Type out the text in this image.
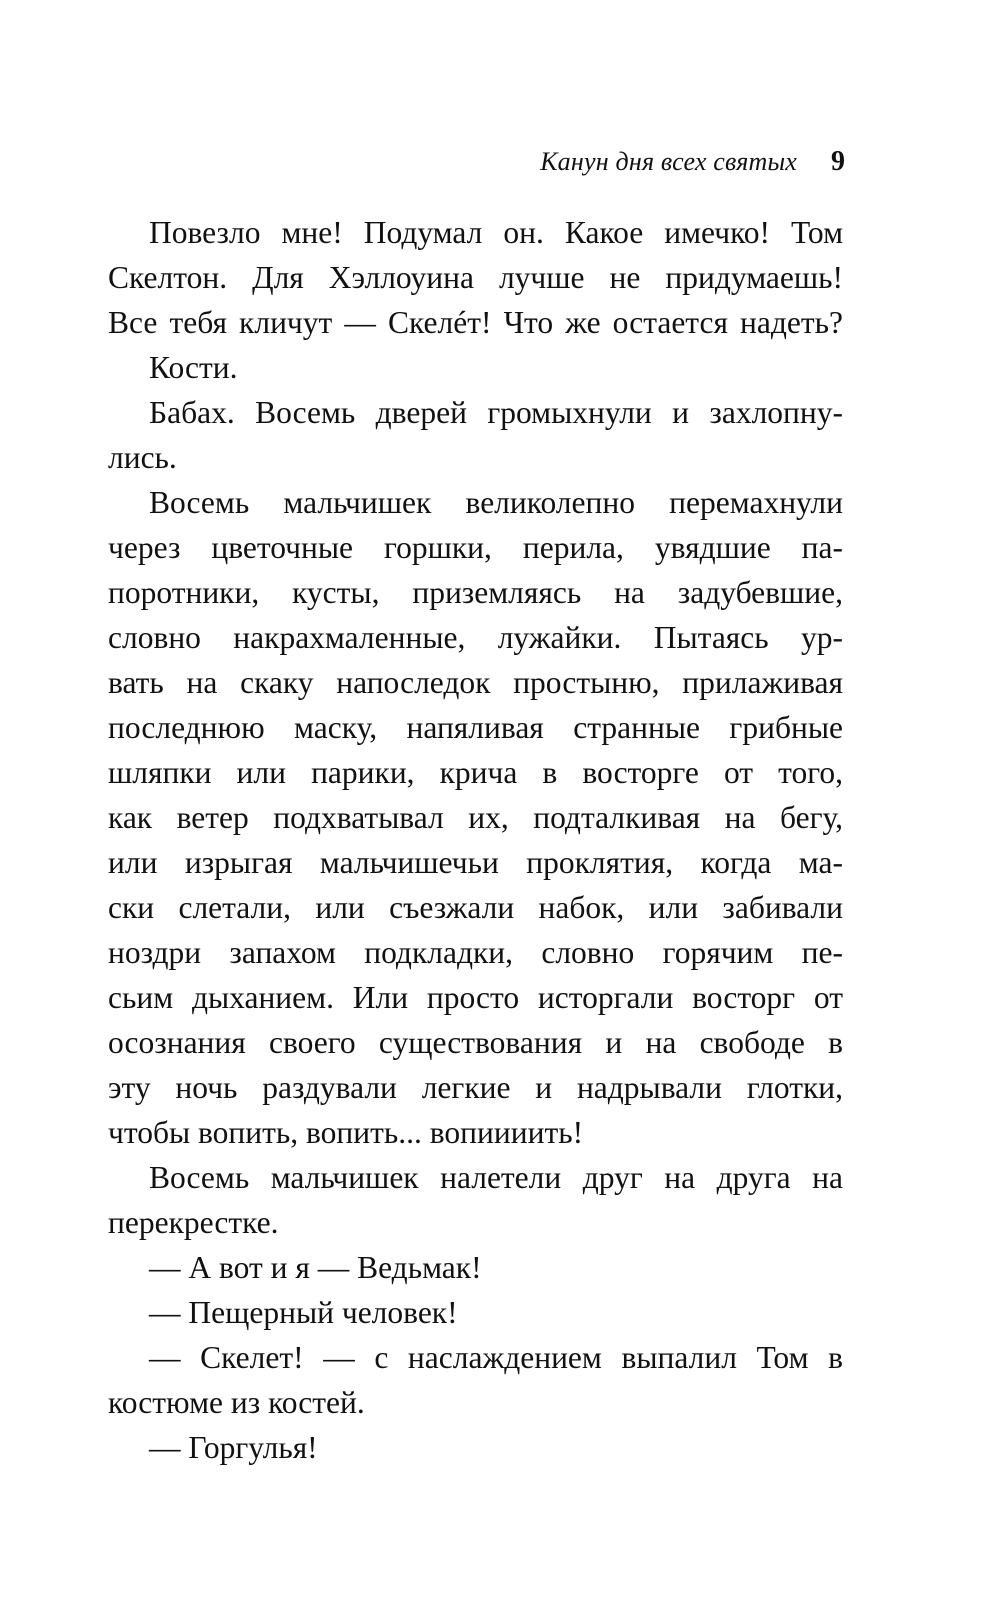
Канун дня всех святых 9
Повезло мне! Подумал он. Какое имечко! Том
Скелтон. Для Хэллоуина лучше не придумаешь!
Все тебя кличут — Скелéт! Что же остается надеть?
Кости.
Бабах. Восемь дверей громыхнули и захлопну-
лись.
Восемь мальчишек великолепно перемахнули
через цветочные горшки, перила, увядшие па-
поротники, кусты, приземляясь на задубевшие,
словно накрахмаленные, лужайки. Пытаясь ур-
вать на скаку напоследок простыню, прилаживая
последнюю маску, напяливая странные грибные
шляпки или парики, крича в восторге от того,
как ветер подхватывал их, подталкивая на бегу,
или изрыгая мальчишечьи проклятия, когда ма-
ски слетали, или съезжали набок, или забивали
ноздри запахом подкладки, словно горячим пе-
сьим дыханием. Или просто исторгали восторг от
осознания своего существования и на свободе в
эту ночь раздували легкие и надрывали глотки,
чтобы вопить, вопить... вопиииить!
Восемь мальчишек налетели друг на друга на
перекрестке.
— А вот и я — Ведьмак!
— Пещерный человек!
— Скелет! — с наслаждением выпалил Том в
костюме из костей.
— Горгулья!
